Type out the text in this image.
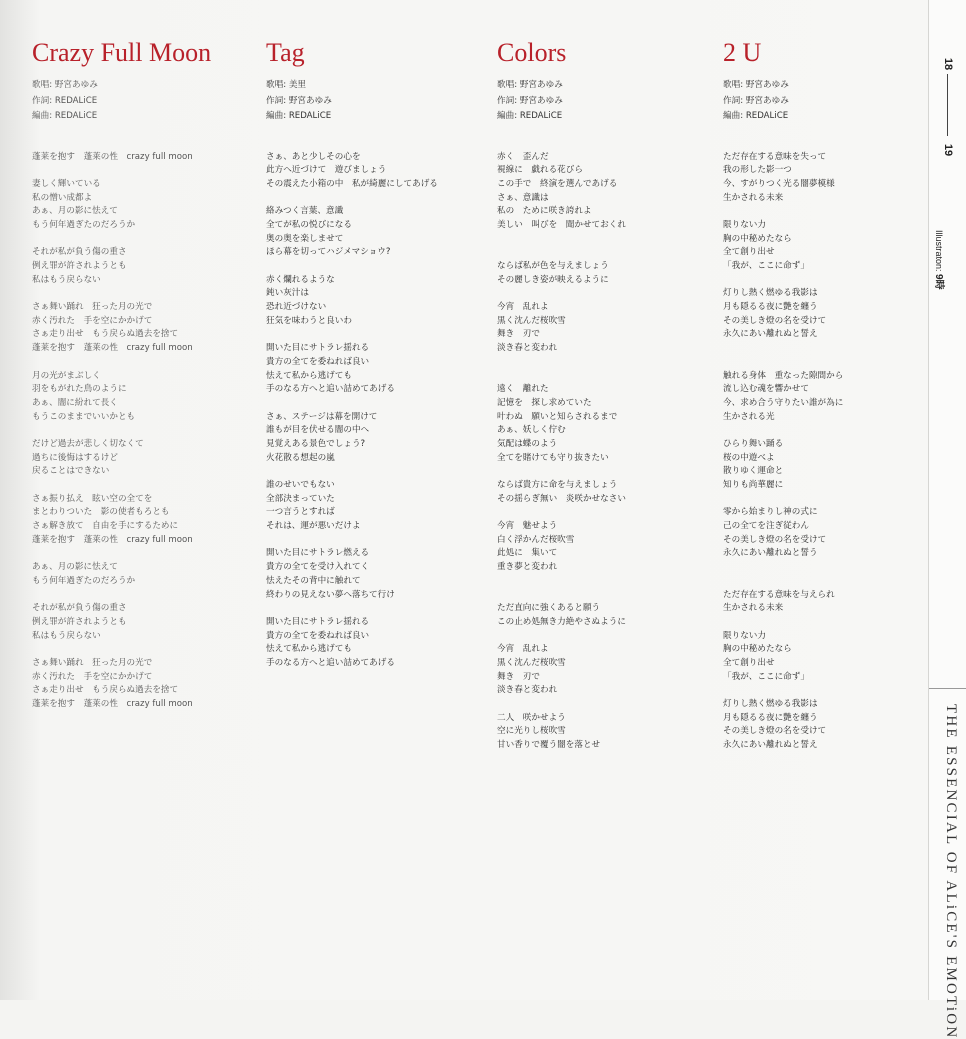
Crazy Full Moon
歌唱: 野宮あゆみ
作詞: REDALiCE
編曲: REDALiCE
蓬莱を抱す　蓬莱の性　crazy full moon
妻しく輝いている
私の憎い成都よ
あぁ、月の影に怯えて
もう何年過ぎたのだろうか
それが私が負う傷の重さ
例え罪が許されようとも
私はもう戻らない
さぁ舞い踊れ　狂った月の光で
赤く汚れた　手を空にかかげて
さぁ走り出せ　もう戻らぬ過去を捨て
蓬莱を抱す　蓬莱の性　crazy full moon
月の光がまぶしく
羽をもがれた鳥のように
あぁ、闇に紛れて長く
もうこのままでいいかとも
だけど過去が悲しく切なくて
過ちに後悔はするけど
戻ることはできない
さぁ振り払え　眩い空の全てを
まとわりついた　影の使者もろとも
さぁ解き放て　自由を手にするために
蓬莱を抱す　蓬莱の性　crazy full moon
あぁ、月の影に怯えて
もう何年過ぎたのだろうか
それが私が負う傷の重さ
例え罪が許されようとも
私はもう戻らない
さぁ舞い踊れ　狂った月の光で
赤く汚れた　手を空にかかげて
さぁ走り出せ　もう戻らぬ過去を捨て
蓬莱を抱す　蓬莱の性　crazy full moon
Tag
歌唱: 美里
作詞: 野宮あゆみ
編曲: REDALiCE
さぁ、あと少しその心を
此方へ近づけて　遊びましょう
その震えた小箱の中　私が綺麗にしてあげる
絡みつく言葉、意識
全てが私の悦びになる
奥の奥を楽しませて
ほら幕を切ってハジメマショウ?
赤く爛れるような
鈍い灰汁は
恐れ近づけない
狂気を味わうと良いわ
開いた目にサトラレ揺れる
貴方の全てを委ねれば良い
怯えて私から逃げても
手のなる方へと追い詰めてあげる
さぁ、ステージは幕を開けて
誰もが目を伏せる闇の中へ
見覚えある景色でしょう?
火花散る想起の嵐
誰のせいでもない
全部決まっていた
一つ言うとすれば
それは、運が悪いだけよ
開いた目にサトラレ燃える
貴方の全てを受け入れてく
怯えたその背中に触れて
終わりの見えない夢へ落ちて行け
開いた目にサトラレ揺れる
貴方の全てを委ねれば良い
怯えて私から逃げても
手のなる方へと追い詰めてあげる
Colors
歌唱: 野宮あゆみ
作詞: 野宮あゆみ
編曲: REDALiCE
赤く　歪んだ
視線に　戯れる花びら
この手で　終演を選んであげる
さぁ、意識は
私の　ために咲き誇れよ
美しい　叫びを　聞かせておくれ
ならば私が色を与えましょう
その麗しき姿が映えるように
今宵　乱れよ
黒く沈んだ桜吹雪
舞き　刃で
淡き春と変われ
遠く　離れた
記憶を　探し求めていた
叶わぬ　願いと知らされるまで
あぁ、妖しく佇む
気配は蝶のよう
全てを賭けても守り抜きたい
ならば貴方に命を与えましょう
その揺らぎ無い　炎咲かせなさい
今宵　魅せよう
白く浮かんだ桜吹雪
此処に　集いて
重き夢と変われ
ただ直向に強くあると願う
この止め処無き力絶やさぬように
今宵　乱れよ
黒く沈んだ桜吹雪
舞き　刃で
淡き春と変われ
二人　咲かせよう
空に光りし桜吹雪
甘い香りで覆う闇を落とせ
2 U
歌唱: 野宮あゆみ
作詞: 野宮あゆみ
編曲: REDALiCE
ただ存在する意味を失って
我の形した影一つ
今、すがりつく光る闇夢模様
生かされる未来
限りない力
胸の中秘めたなら
全て創り出せ
「我が、ここに命ず」
灯りし熱く燃ゆる我影は
月も隠るる夜に艶を纏う
その美しき燈の名を受けて
永久にあい離れぬと誓え
触れる身体　重なった隙間から
流し込む魂を響かせて
今、求め合う守りたい誰が為に
生かされる光
ひらり舞い踊る
桜の中遊べよ
散りゆく運命と
知りも尚華麗に
零から始まりし神の式に
己の全てを注ぎ従わん
その美しき燈の名を受けて
永久にあい離れぬと誓う
ただ存在する意味を与えられ
生かされる未来
限りない力
胸の中秘めたなら
全て創り出せ
「我が、ここに命ず」
灯りし熱く燃ゆる我影は
月も隠るる夜に艶を纏う
その美しき燈の名を受けて
永久にあい離れぬと誓え
18
19
Illustraton: 9時
THE ESSENCIAL OF ALiCE'S EMOTiON
